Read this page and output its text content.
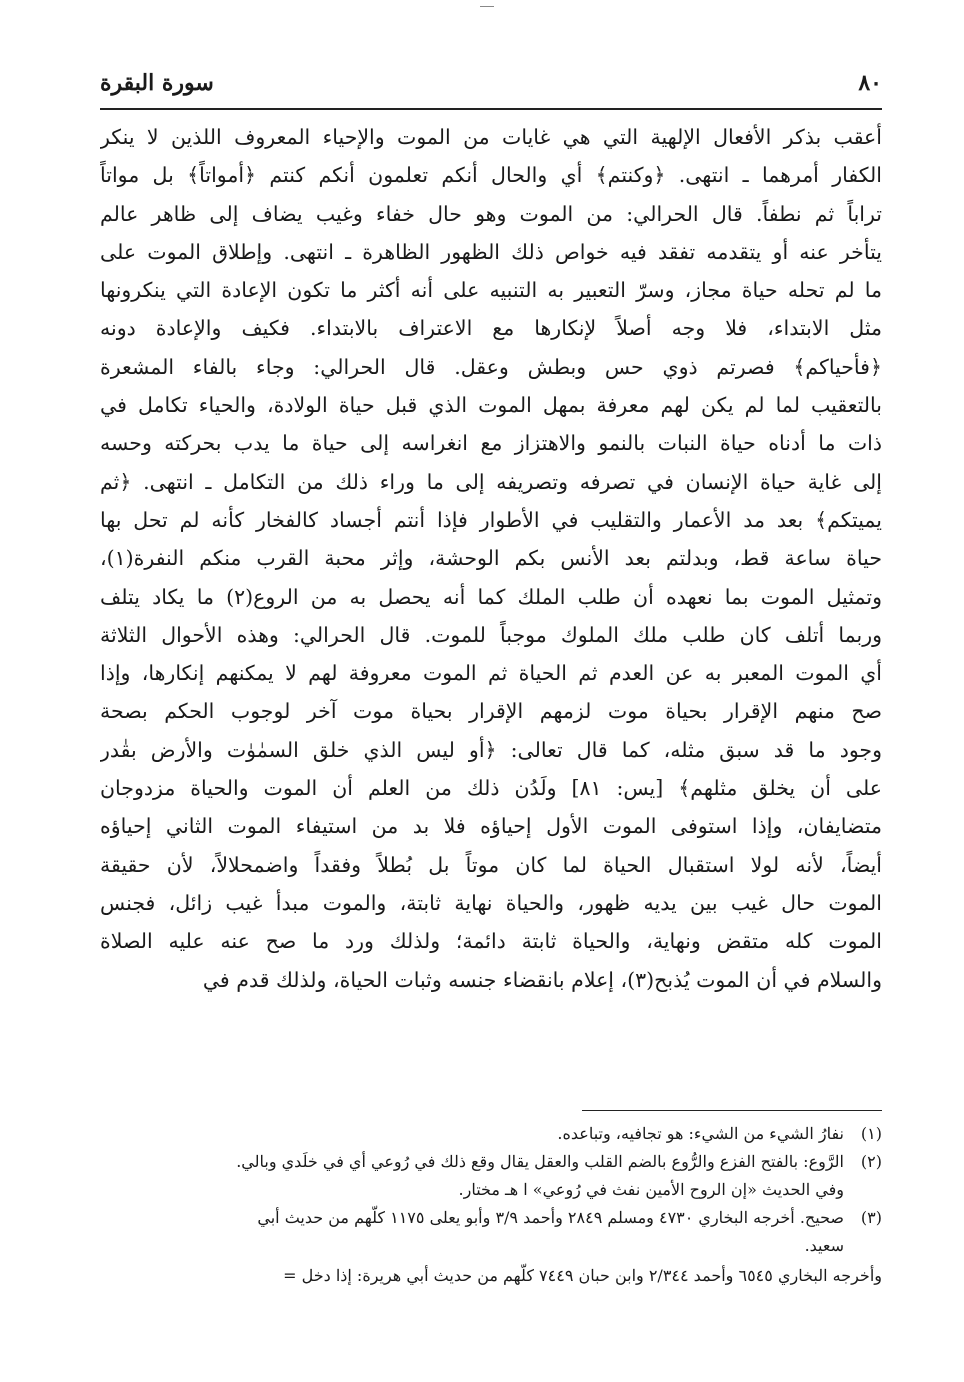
٨٠
سورة البقرة
أعقب بذكر الأفعال الإلهية التي هي غايات من الموت والإحياء المعروف اللذين لا ينكر
الكفار أمرهما ـ انتهى. ﴿وكنتم﴾ أي والحال أنكم تعلمون أنكم كنتم ﴿أمواتاً﴾ بل مواتاً
تراباً ثم نطفاً. قال الحرالي: من الموت وهو حال خفاء وغيب يضاف إلى ظاهر عالم
يتأخر عنه أو يتقدمه تفقد فيه خواص ذلك الظهور الظاهرة ـ انتهى. وإطلاق الموت على
ما لم تحله حياة مجاز، وسرّ التعبير به التنبيه على أنه أكثر ما تكون الإعادة التي ينكرونها
مثل الابتداء، فلا وجه أصلاً لإنكارها مع الاعتراف بالابتداء. فكيف والإعادة دونه
﴿فأحياكم﴾ فصرتم ذوي حس وبطش وعقل. قال الحرالي: وجاء بالفاء المشعرة
بالتعقيب لما لم يكن لهم معرفة بمهل الموت الذي قبل حياة الولادة، والحياء تكامل في
ذات ما أدناه حياة النبات بالنمو والاهتزاز مع انغراسه إلى حياة ما يدب بحركته وحسه
إلى غاية حياة الإنسان في تصرفه وتصريفه إلى ما وراء ذلك من التكامل ـ انتهى. ﴿ثم
يميتكم﴾ بعد مد الأعمار والتقليب في الأطوار فإذا أنتم أجساد كالفخار كأنه لم تحل بها
حياة ساعة قط، وبدلتم بعد الأنس بكم الوحشة، وإثر محبة القرب منكم النفرة(١)،
وتمثيل الموت بما نعهده أن طلب الملك كما أنه يحصل به من الروع(٢) ما يكاد يتلف
وربما أتلف كان طلب ملك الملوك موجباً للموت. قال الحرالي: وهذه الأحوال الثلاثة
أي الموت المعبر به عن العدم ثم الحياة ثم الموت معروفة لهم لا يمكنهم إنكارها، وإذا
صح منهم الإقرار بحياة موت لزمهم الإقرار بحياة موت آخر لوجوب الحكم بصحة
وجود ما قد سبق مثله، كما قال تعالى: ﴿أو ليس الذي خلق السمٰوٰت والأرض بقٰدر
على أن يخلق مثلهم﴾ [يس: ٨١] ولَدُن ذلك من العلم أن الموت والحياة مزدوجان
متضايفان، وإذا استوفى الموت الأول إحياؤه فلا بد من استيفاء الموت الثاني إحياؤه
أيضاً، لأنه لولا استقبال الحياة لما كان موتاً بل بُطلاً وفقداً واضمحلالاً، لأن حقيقة
الموت حال غيب بين يديه ظهور، والحياة نهاية ثابتة، والموت مبدأ غيب زائل، فجنس
الموت كله متقض ونهاية، والحياة ثابتة دائمة؛ ولذلك ورد ما صح عنه عليه الصلاة
والسلام في أن الموت يُذبح(٣)، إعلام بانقضاء جنسه وثبات الحياة، ولذلك قدم في
(١)نفارُ الشيء من الشيء: هو تجافيه، وتباعده.
(٢)الرَّوع: بالفتح الفزع والرُّوع بالضم القلب والعقل يقال وقع ذلك في رُوعي أي في خلَدي وبالي.
وفي الحديث «إن الروح الأمين نفث في رُوعي» ا هـ مختار.
(٣)صحيح. أخرجه البخاري ٤٧٣٠ ومسلم ٢٨٤٩ وأحمد ٣/٩ وأبو يعلى ١١٧٥ كلّهم من حديث أبي
سعيد.
وأخرجه البخاري ٦٥٤٥ وأحمد ٢/٣٤٤ وابن حبان ٧٤٤٩ كلّهم من حديث أبي هريرة: إذا دخل =
